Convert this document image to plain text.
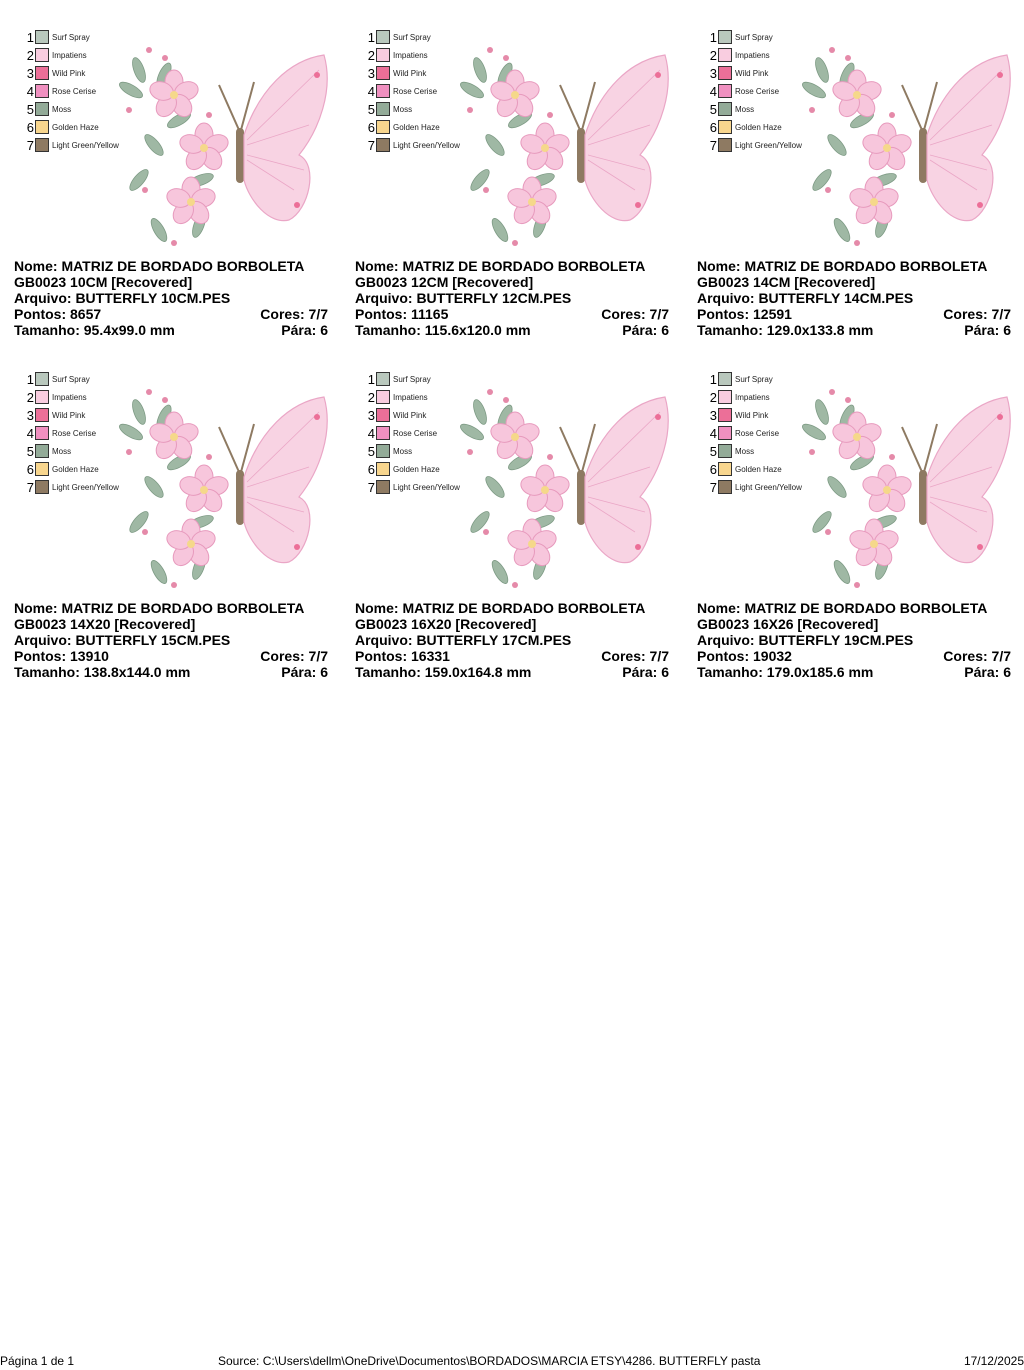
1 Surf Spray
2 Impatiens
3 Wild Pink
4 Rose Cerise
5 Moss
6 Golden Haze
7 Light Green/Yellow
Nome: MATRIZ DE BORDADO BORBOLETA GB0023 10CM [Recovered]
Arquivo: BUTTERFLY 10CM.PES
Pontos: 8657	Cores: 7/7
Tamanho: 95.4x99.0 mm	Pára: 6
1 Surf Spray
2 Impatiens
3 Wild Pink
4 Rose Cerise
5 Moss
6 Golden Haze
7 Light Green/Yellow
Nome: MATRIZ DE BORDADO BORBOLETA GB0023 12CM [Recovered]
Arquivo: BUTTERFLY 12CM.PES
Pontos: 11165	Cores: 7/7
Tamanho: 115.6x120.0 mm	Pára: 6
1 Surf Spray
2 Impatiens
3 Wild Pink
4 Rose Cerise
5 Moss
6 Golden Haze
7 Light Green/Yellow
Nome: MATRIZ DE BORDADO BORBOLETA GB0023 14CM [Recovered]
Arquivo: BUTTERFLY 14CM.PES
Pontos: 12591	Cores: 7/7
Tamanho: 129.0x133.8 mm	Pára: 6
1 Surf Spray
2 Impatiens
3 Wild Pink
4 Rose Cerise
5 Moss
6 Golden Haze
7 Light Green/Yellow
Nome: MATRIZ DE BORDADO BORBOLETA GB0023 14X20 [Recovered]
Arquivo: BUTTERFLY 15CM.PES
Pontos: 13910	Cores: 7/7
Tamanho: 138.8x144.0 mm	Pára: 6
1 Surf Spray
2 Impatiens
3 Wild Pink
4 Rose Cerise
5 Moss
6 Golden Haze
7 Light Green/Yellow
Nome: MATRIZ DE BORDADO BORBOLETA GB0023 16X20 [Recovered]
Arquivo: BUTTERFLY 17CM.PES
Pontos: 16331	Cores: 7/7
Tamanho: 159.0x164.8 mm	Pára: 6
1 Surf Spray
2 Impatiens
3 Wild Pink
4 Rose Cerise
5 Moss
6 Golden Haze
7 Light Green/Yellow
Nome: MATRIZ DE BORDADO BORBOLETA GB0023 16X26 [Recovered]
Arquivo: BUTTERFLY 19CM.PES
Pontos: 19032	Cores: 7/7
Tamanho: 179.0x185.6 mm	Pára: 6
Página 1 de 1	Source: C:\Users\dellm\OneDrive\Documentos\BORDADOS\MARCIA ETSY\4286. BUTTERFLY pasta	17/12/2025
